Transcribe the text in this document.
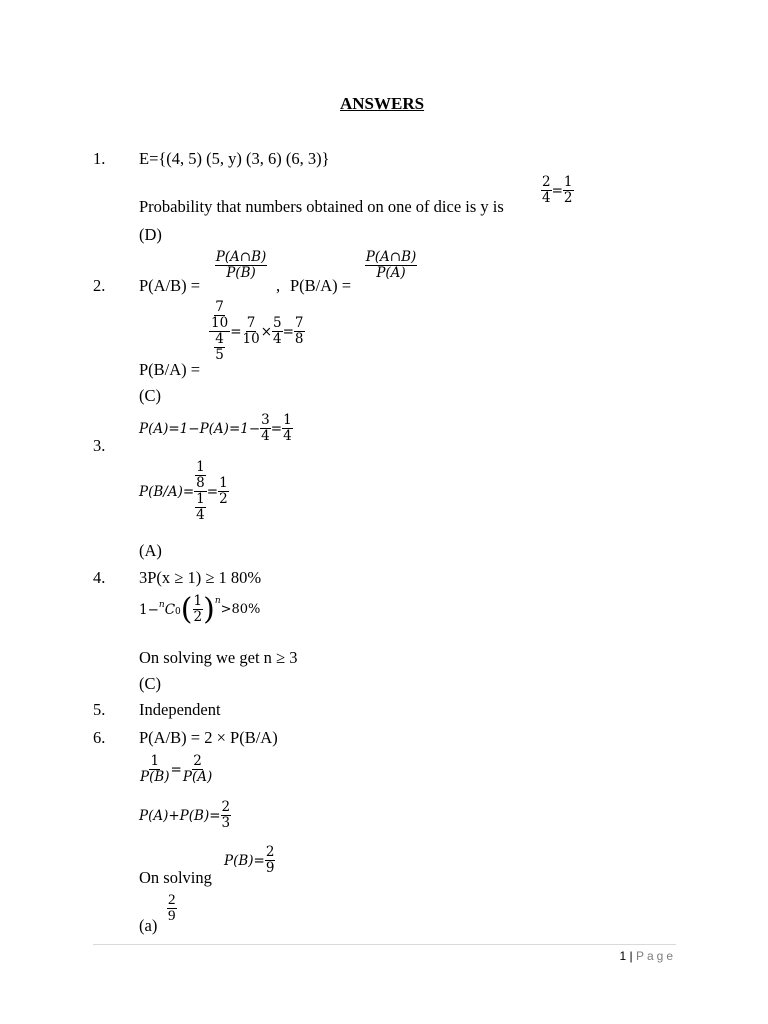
ANSWERS
1. E={(4, 5) (5, y) (3, 6) (6, 3)}
$\frac{2}{4} = \frac{1}{2}$
Probability that numbers obtained on one of dice is y is
(D)
2. P(A/B) =
$\frac{P(A\cap B)}{P(B)}$
, P(B/A) =
$\frac{P(A\cap B)}{P(A)}$
$\frac{\frac{7}{10}}{\frac{4}{5}} = \frac{7}{10} \times \frac{5}{4} = \frac{7}{8}$
P(B/A) =
(C)
3.
$P(A)=1-P(A)=1- \frac{3}{4} = \frac{1}{4}$
$P(B/A)= \frac{\frac{1}{8}}{\frac{1}{4}} = \frac{1}{2}$
(A)
4. 3P(x ≥ 1) ≥ 1 80%
1−$^n$ C 0 ( $\frac{1}{2} )^n$
>80%
On solving we get n ≥ 3
(C)
5. Independent
6. P(A/B) = 2 × P(B/A)
$\frac{1}{P(B)} = \frac{2}{P(A)}$
$P(A)+P(B)= \frac{2}{3}$
On solving
$P(B)= \frac{2}{9}$
(a)
$\frac{2}{9}$
1 | Page
